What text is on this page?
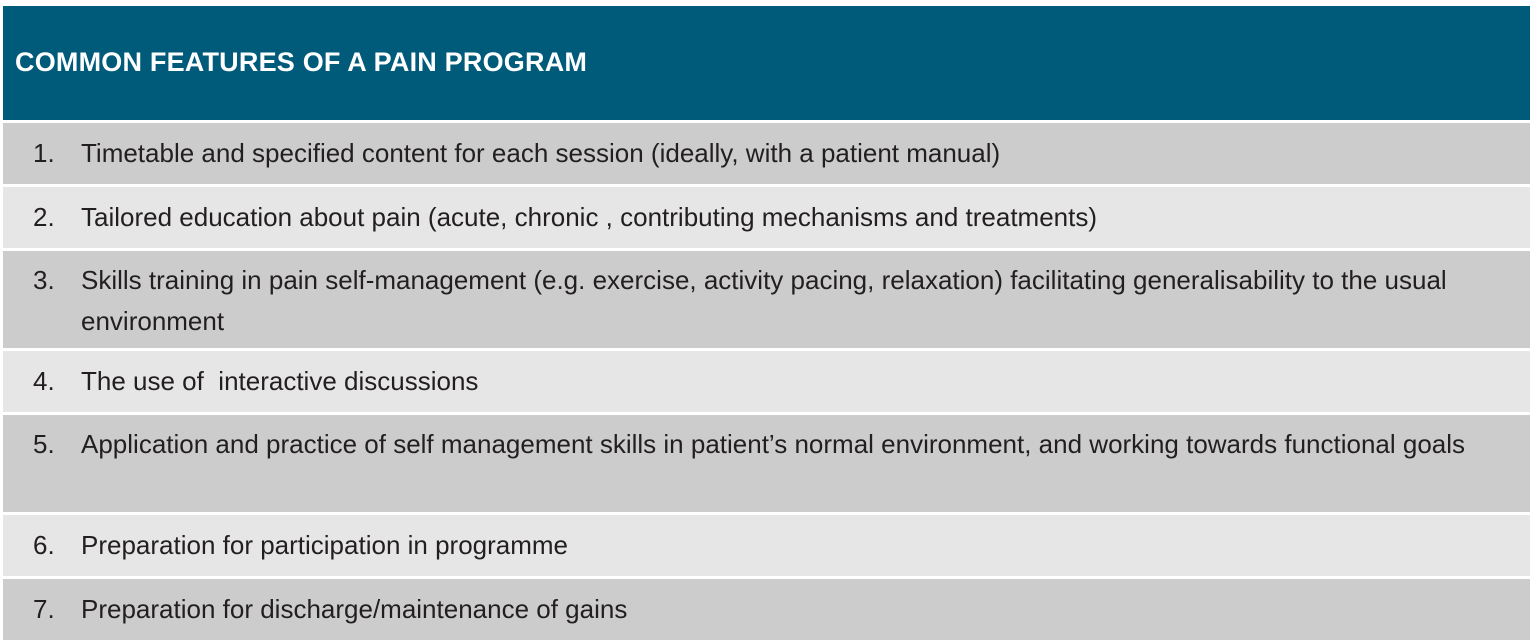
COMMON FEATURES OF A PAIN PROGRAM
1.	Timetable and specified content for each session (ideally, with a patient manual)
2.	Tailored education about pain (acute, chronic , contributing mechanisms and treatments)
3.	Skills training in pain self-management (e.g. exercise, activity pacing, relaxation) facilitating generalisability to the usual environment
4.	The use of  interactive discussions
5.	Application and practice of self management skills in patient’s normal environment, and working towards functional goals
6.	Preparation for participation in programme
7.	Preparation for discharge/maintenance of gains
